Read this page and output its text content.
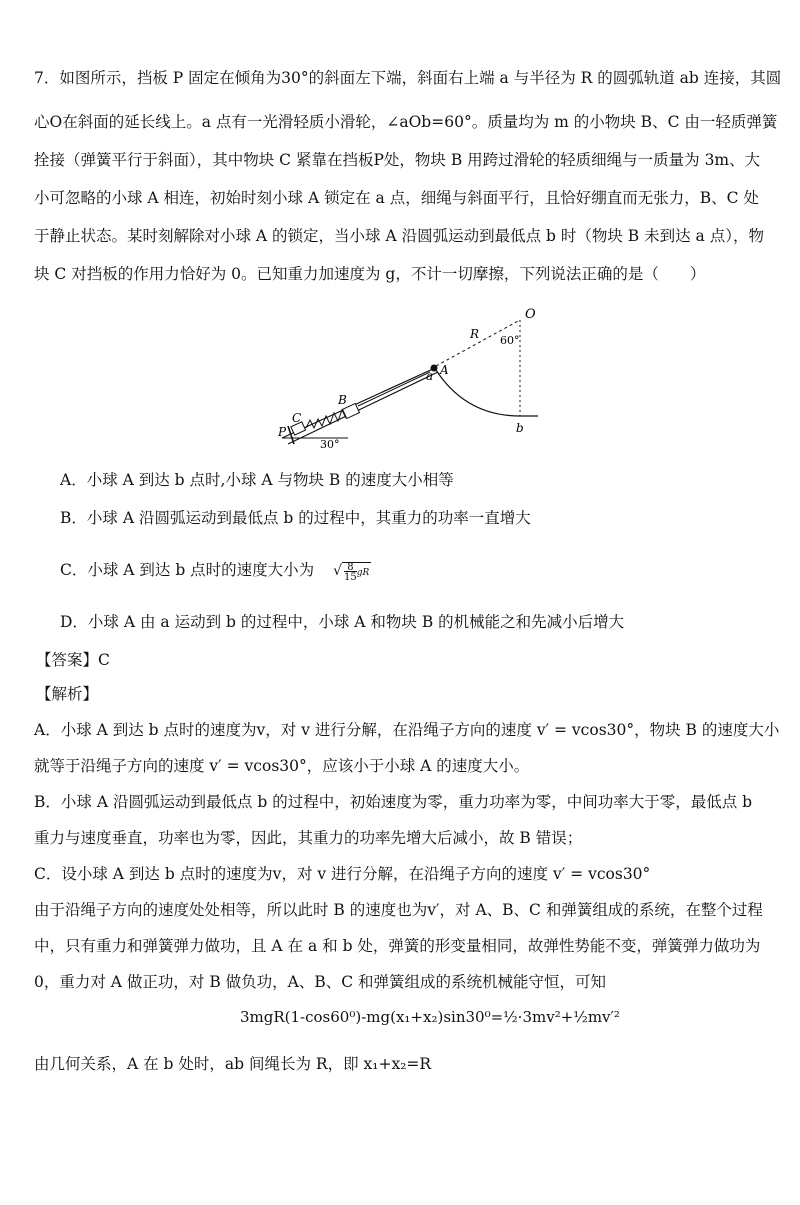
7．如图所示，挡板 P 固定在倾角为30°的斜面左下端，斜面右上端 a 与半径为 R 的圆弧轨道 ab 连接，其圆
心O在斜面的延长线上。a 点有一光滑轻质小滑轮，∠aOb=60°。质量均为 m 的小物块 B、C 由一轻质弹簧
拴接（弹簧平行于斜面），其中物块 C 紧靠在挡板P处，物块 B 用跨过滑轮的轻质细绳与一质量为 3m、大
小可忽略的小球 A 相连，初始时刻小球 A 锁定在 a 点，细绳与斜面平行，且恰好绷直而无张力，B、C 处
于静止状态。某时刻解除对小球 A 的锁定，当小球 A 沿圆弧运动到最低点 b 时（物块 B 未到达 a 点），物
块 C 对挡板的作用力恰好为 0。已知重力加速度为 g，不计一切摩擦，下列说法正确的是（　　）
O
R 60°
A
a
b
B
C
P
30°
A．小球 A 到达 b 点时,小球 A 与物块 B 的速度大小相等
B．小球 A 沿圆弧运动到最低点 b 的过程中，其重力的功率一直增大
C．小球 A 到达 b 点时的速度大小为 √ $\frac{8}{15}gR$
D．小球 A 由 a 运动到 b 的过程中，小球 A 和物块 B 的机械能之和先减小后增大
【答案】C
【解析】
A．小球 A 到达 b 点时的速度为v，对 v 进行分解，在沿绳子方向的速度 v′ = vcos30°，物块 B 的速度大小
就等于沿绳子方向的速度 v′ = vcos30°，应该小于小球 A 的速度大小。
B．小球 A 沿圆弧运动到最低点 b 的过程中，初始速度为零，重力功率为零，中间功率大于零，最低点 b
重力与速度垂直，功率也为零，因此，其重力的功率先增大后减小，故 B 错误；
C．设小球 A 到达 b 点时的速度为v，对 v 进行分解，在沿绳子方向的速度 v′ = vcos30°
由于沿绳子方向的速度处处相等，所以此时 B 的速度也为v′，对 A、B、C 和弹簧组成的系统，在整个过程
中，只有重力和弹簧弹力做功，且 A 在 a 和 b 处，弹簧的形变量相同，故弹性势能不变，弹簧弹力做功为
0，重力对 A 做正功，对 B 做负功，A、B、C 和弹簧组成的系统机械能守恒，可知
3mgR(1-cos60⁰)-mg(x₁+x₂)sin30⁰=½·3mv²+½mv′²
由几何关系，A 在 b 处时，ab 间绳长为 R，即 x₁+x₂=R
